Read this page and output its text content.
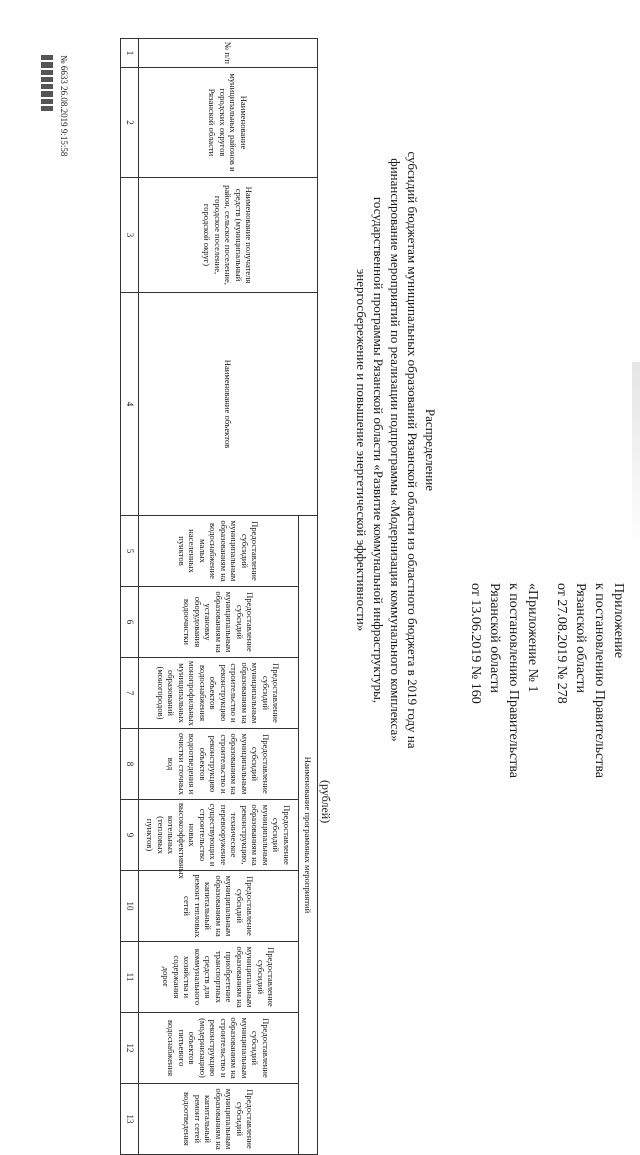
Приложение
к постановлению Правительства
Рязанской области
от 27.08.2019 № 278
«Приложение № 1
к постановлению Правительства
Рязанской области
от 13.06.2019 № 160
Распределение
субсидий бюджетам муниципальных образований Рязанской области из областного бюджета в 2019 году на
финансирование мероприятий по реализации подпрограммы «Модернизация коммунального комплекса»
государственной программы Рязанской области «Развитие коммунальной инфраструктуры,
энергосбережение и повышение энергетической эффективности»
(рублей)
№ п/п	Наименование муниципальных районов и городских округов Рязанской области	Наименование получателя средств (муниципальный район, сельское поселение, городское поселение, городской округ)	Наименование объектов	Наименование программных мероприятий								
				Предоставление субсидий муниципальным образованиям на водоснабжение малых населенных пунктов	Предоставление субсидий муниципальным образованиям на установку оборудования водоочистки	Предоставление субсидий муниципальным образованиям на строительство и реконструкцию объектов водоснабжения монопрофильных муниципальных образований (моногородов)	Предоставление субсидий муниципальным образованиям на строительство и реконструкцию объектов водоотведения и очистки сточных вод	Предоставление субсидий муниципальным образованиям на реконструкцию, техническое перевооружение существующих и строительство новых высокоэффективных котельных (тепловых пунктов)	Предоставление субсидий муниципальным образованиям на капитальный ремонт тепловых сетей	Предоставление субсидий муниципальным образованиям на приобретение транспортных средств для коммунального хозяйства и содержания дорог	Предоставление субсидий муниципальным образованиям на строительство и реконструкцию (модернизацию) объектов питьевого водоснабжения	Предоставление субсидий муниципальным образованиям на капитальный ремонт сетей водоотведения
1	2	3	4	5	6	7	8	9	10	11	12	13
№ 6633 26.08.2019 9:15:58
